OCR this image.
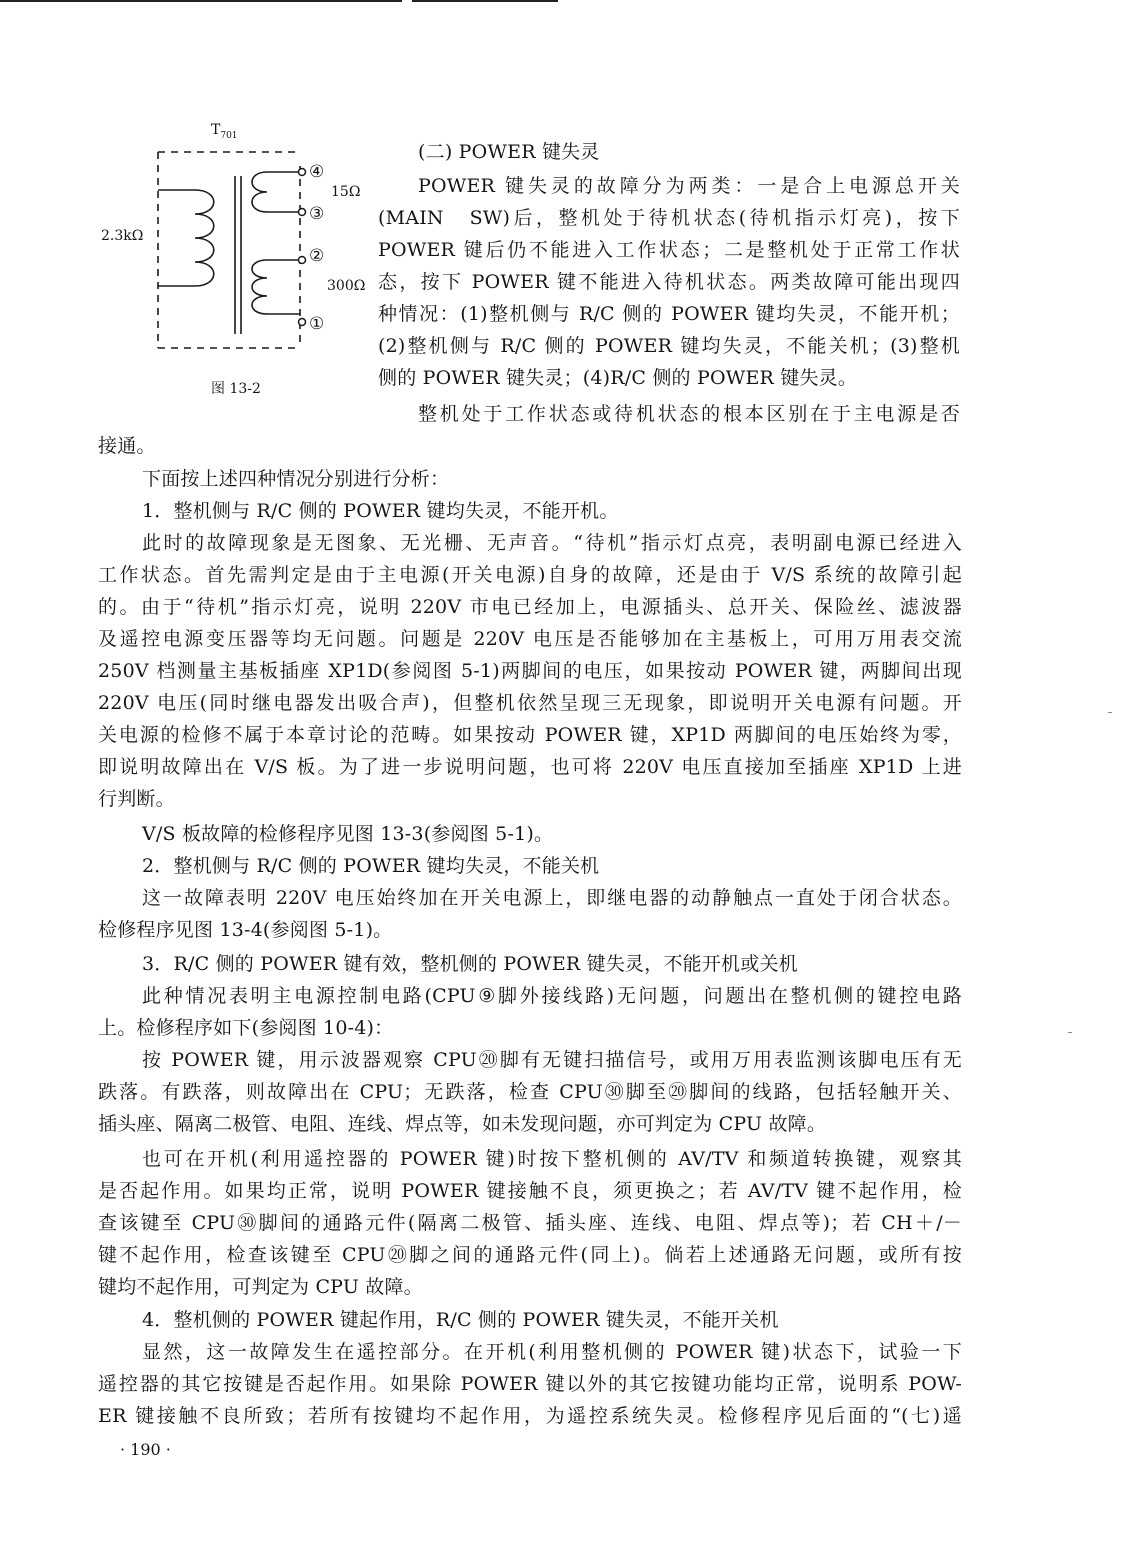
$T_{701}$
2.3kΩ
15Ω
300Ω
④
③
②
①
图 13-2
(二) POWER 键失灵
POWER 键失灵的故障分为两类：一是合上电源总开关
(MAIN　SW)后，整机处于待机状态(待机指示灯亮)，按下
POWER 键后仍不能进入工作状态；二是整机处于正常工作状
态，按下 POWER 键不能进入待机状态。两类故障可能出现四
种情况：(1)整机侧与 R/C 侧的 POWER 键均失灵，不能开机；
(2)整机侧与 R/C 侧的 POWER 键均失灵，不能关机；(3)整机
侧的 POWER 键失灵；(4)R/C 侧的 POWER 键失灵。
整机处于工作状态或待机状态的根本区别在于主电源是否
接通。
下面按上述四种情况分别进行分析：
1．整机侧与 R/C 侧的 POWER 键均失灵，不能开机。
此时的故障现象是无图象、无光栅、无声音。“待机”指示灯点亮，表明副电源已经进入
工作状态。首先需判定是由于主电源(开关电源)自身的故障，还是由于 V/S 系统的故障引起
的。由于“待机”指示灯亮，说明 220V 市电已经加上，电源插头、总开关、保险丝、滤波器
及遥控电源变压器等均无问题。问题是 220V 电压是否能够加在主基板上，可用万用表交流
250V 档测量主基板插座 XP1D(参阅图 5-1)两脚间的电压，如果按动 POWER 键，两脚间出现
220V 电压(同时继电器发出吸合声)，但整机依然呈现三无现象，即说明开关电源有问题。开
关电源的检修不属于本章讨论的范畴。如果按动 POWER 键，XP1D 两脚间的电压始终为零，
即说明故障出在 V/S 板。为了进一步说明问题，也可将 220V 电压直接加至插座 XP1D 上进
行判断。
V/S 板故障的检修程序见图 13-3(参阅图 5-1)。
2．整机侧与 R/C 侧的 POWER 键均失灵，不能关机
这一故障表明 220V 电压始终加在开关电源上，即继电器的动静触点一直处于闭合状态。
检修程序见图 13-4(参阅图 5-1)。
3．R/C 侧的 POWER 键有效，整机侧的 POWER 键失灵，不能开机或关机
此种情况表明主电源控制电路(CPU⑨脚外接线路)无问题，问题出在整机侧的键控电路
上。检修程序如下(参阅图 10-4)：
按 POWER 键，用示波器观察 CPU⑳脚有无键扫描信号，或用万用表监测该脚电压有无
跌落。有跌落，则故障出在 CPU；无跌落，检查 CPU㉚脚至⑳脚间的线路，包括轻触开关、
插头座、隔离二极管、电阻、连线、焊点等，如未发现问题，亦可判定为 CPU 故障。
也可在开机(利用遥控器的 POWER 键)时按下整机侧的 AV/TV 和频道转换键，观察其
是否起作用。如果均正常，说明 POWER 键接触不良，须更换之；若 AV/TV 键不起作用，检
查该键至 CPU㉚脚间的通路元件(隔离二极管、插头座、连线、电阻、焊点等)；若 CH＋/－
键不起作用，检查该键至 CPU⑳脚之间的通路元件(同上)。倘若上述通路无问题，或所有按
键均不起作用，可判定为 CPU 故障。
4．整机侧的 POWER 键起作用，R/C 侧的 POWER 键失灵，不能开关机
显然，这一故障发生在遥控部分。在开机(利用整机侧的 POWER 键)状态下，试验一下
遥控器的其它按键是否起作用。如果除 POWER 键以外的其它按键功能均正常，说明系 POW-
ER 键接触不良所致；若所有按键均不起作用，为遥控系统失灵。检修程序见后面的“(七)遥
· 190 ·
